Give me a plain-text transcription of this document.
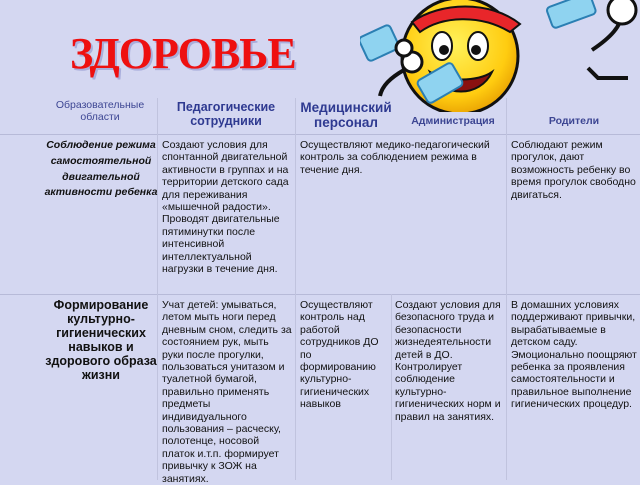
ЗДОРОВЬЕ
Образовательные области
Педагогические сотрудники
Медицинский персонал	Администрация	Родители
Соблюдение режима самостоятельной двигательной активности ребенка
Создают условия для спонтанной двигательной активности в группах и на территории детского сада для переживания «мышечной радости». Проводят двигательные пятиминутки после интенсивной интеллектуальной нагрузки в течение дня.
Осуществляют медико-педагогический контроль за соблюдением режима в течение дня.
Соблюдают режим прогулок, дают возможность ребенку во время прогулок свободно двигаться.
Формирование культурно-гигиенических навыков и здорового образа жизни
Учат детей: умываться, летом мыть ноги перед дневным сном, следить за состоянием рук, мыть руки после прогулки, пользоваться унитазом и туалетной бумагой, правильно применять предметы индивидуального пользования – расческу, полотенце, носовой платок и.т.п. формирует привычку к ЗОЖ на занятиях.
Осуществляют контроль над работой сотрудников ДО по формированию культурно-гигиенических навыков
Создают условия для безопасного труда и безопасности жизнедеятельности детей в ДО. Контролирует соблюдение культурно-гигиенических норм и правил на занятиях.
В домашних условиях поддерживают привычки, вырабатываемые в детском саду. Эмоционально поощряют ребенка за проявления самостоятельности и правильное выполнение гигиенических процедур.
